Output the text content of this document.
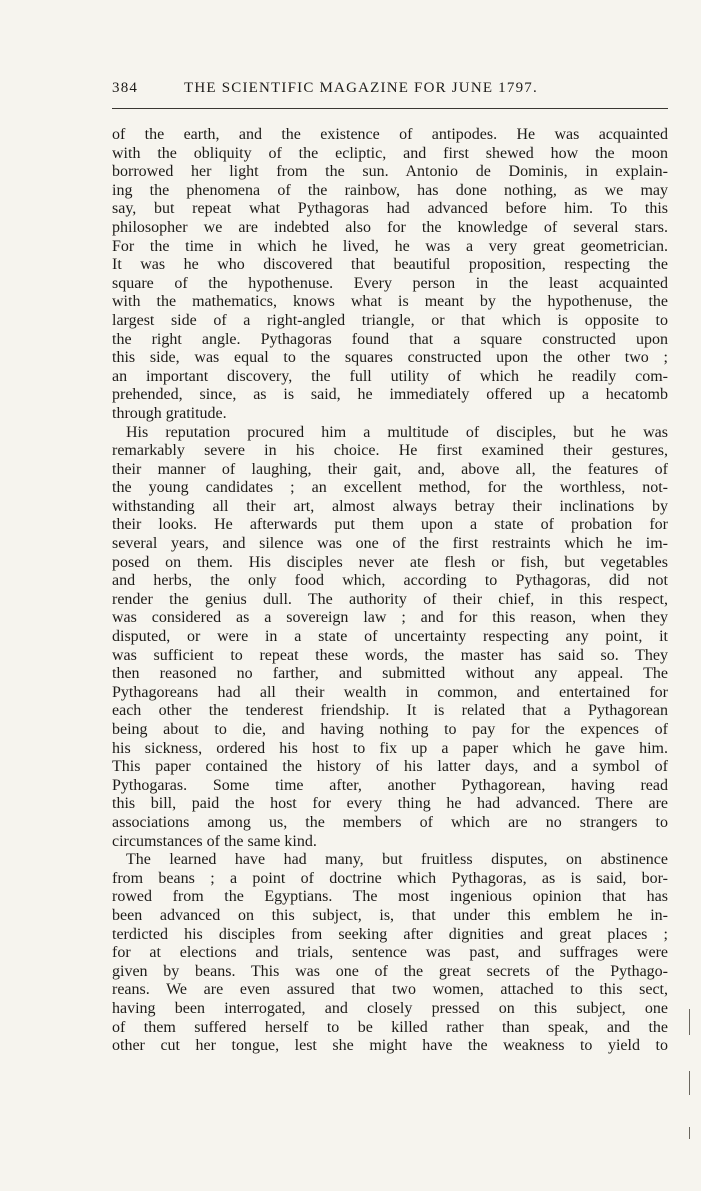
384	THE SCIENTIFIC MAGAZINE FOR JUNE 1797.

of the earth, and the existence of antipodes. He was acquainted

with the obliquity of the ecliptic, and first shewed how the moon

borrowed her light from the sun. Antonio de Dominis, in explain-

ing the phenomena of the rainbow, has done nothing, as we may

say, but repeat what Pythagoras had advanced before him. To this

philosopher we are indebted also for the knowledge of several stars.

For the time in which he lived, he was a very great geometrician.

It was he who discovered that beautiful proposition, respecting the

square of the hypothenuse. Every person in the least acquainted

with the mathematics, knows what is meant by the hypothenuse, the

largest side of a right-angled triangle, or that which is opposite to

the right angle. Pythagoras found that a square constructed upon

this side, was equal to the squares constructed upon the other two ;

an important discovery, the full utility of which he readily com-

prehended, since, as is said, he immediately offered up a hecatomb

through gratitude.

His reputation procured him a multitude of disciples, but he was

remarkably severe in his choice. He first examined their gestures,

their manner of laughing, their gait, and, above all, the features of

the young candidates ; an excellent method, for the worthless, not-

withstanding all their art, almost always betray their inclinations by

their looks. He afterwards put them upon a state of probation for

several years, and silence was one of the first restraints which he im-

posed on them. His disciples never ate flesh or fish, but vegetables

and herbs, the only food which, according to Pythagoras, did not

render the genius dull. The authority of their chief, in this respect,

was considered as a sovereign law ; and for this reason, when they

disputed, or were in a state of uncertainty respecting any point, it

was sufficient to repeat these words, the master has said so. They

then reasoned no farther, and submitted without any appeal. The

Pythagoreans had all their wealth in common, and entertained for

each other the tenderest friendship. It is related that a Pythagorean

being about to die, and having nothing to pay for the expences of

his sickness, ordered his host to fix up a paper which he gave him.

This paper contained the history of his latter days, and a symbol of

Pythogaras. Some time after, another Pythagorean, having read

this bill, paid the host for every thing he had advanced. There are

associations among us, the members of which are no strangers to

circumstances of the same kind.

The learned have had many, but fruitless disputes, on abstinence

from beans ; a point of doctrine which Pythagoras, as is said, bor-

rowed from the Egyptians. The most ingenious opinion that has

been advanced on this subject, is, that under this emblem he in-

terdicted his disciples from seeking after dignities and great places ;

for at elections and trials, sentence was past, and suffrages were

given by beans. This was one of the great secrets of the Pythago-

reans. We are even assured that two women, attached to this sect,

having been interrogated, and closely pressed on this subject, one

of them suffered herself to be killed rather than speak, and the

other cut her tongue, lest she might have the weakness to yield to
